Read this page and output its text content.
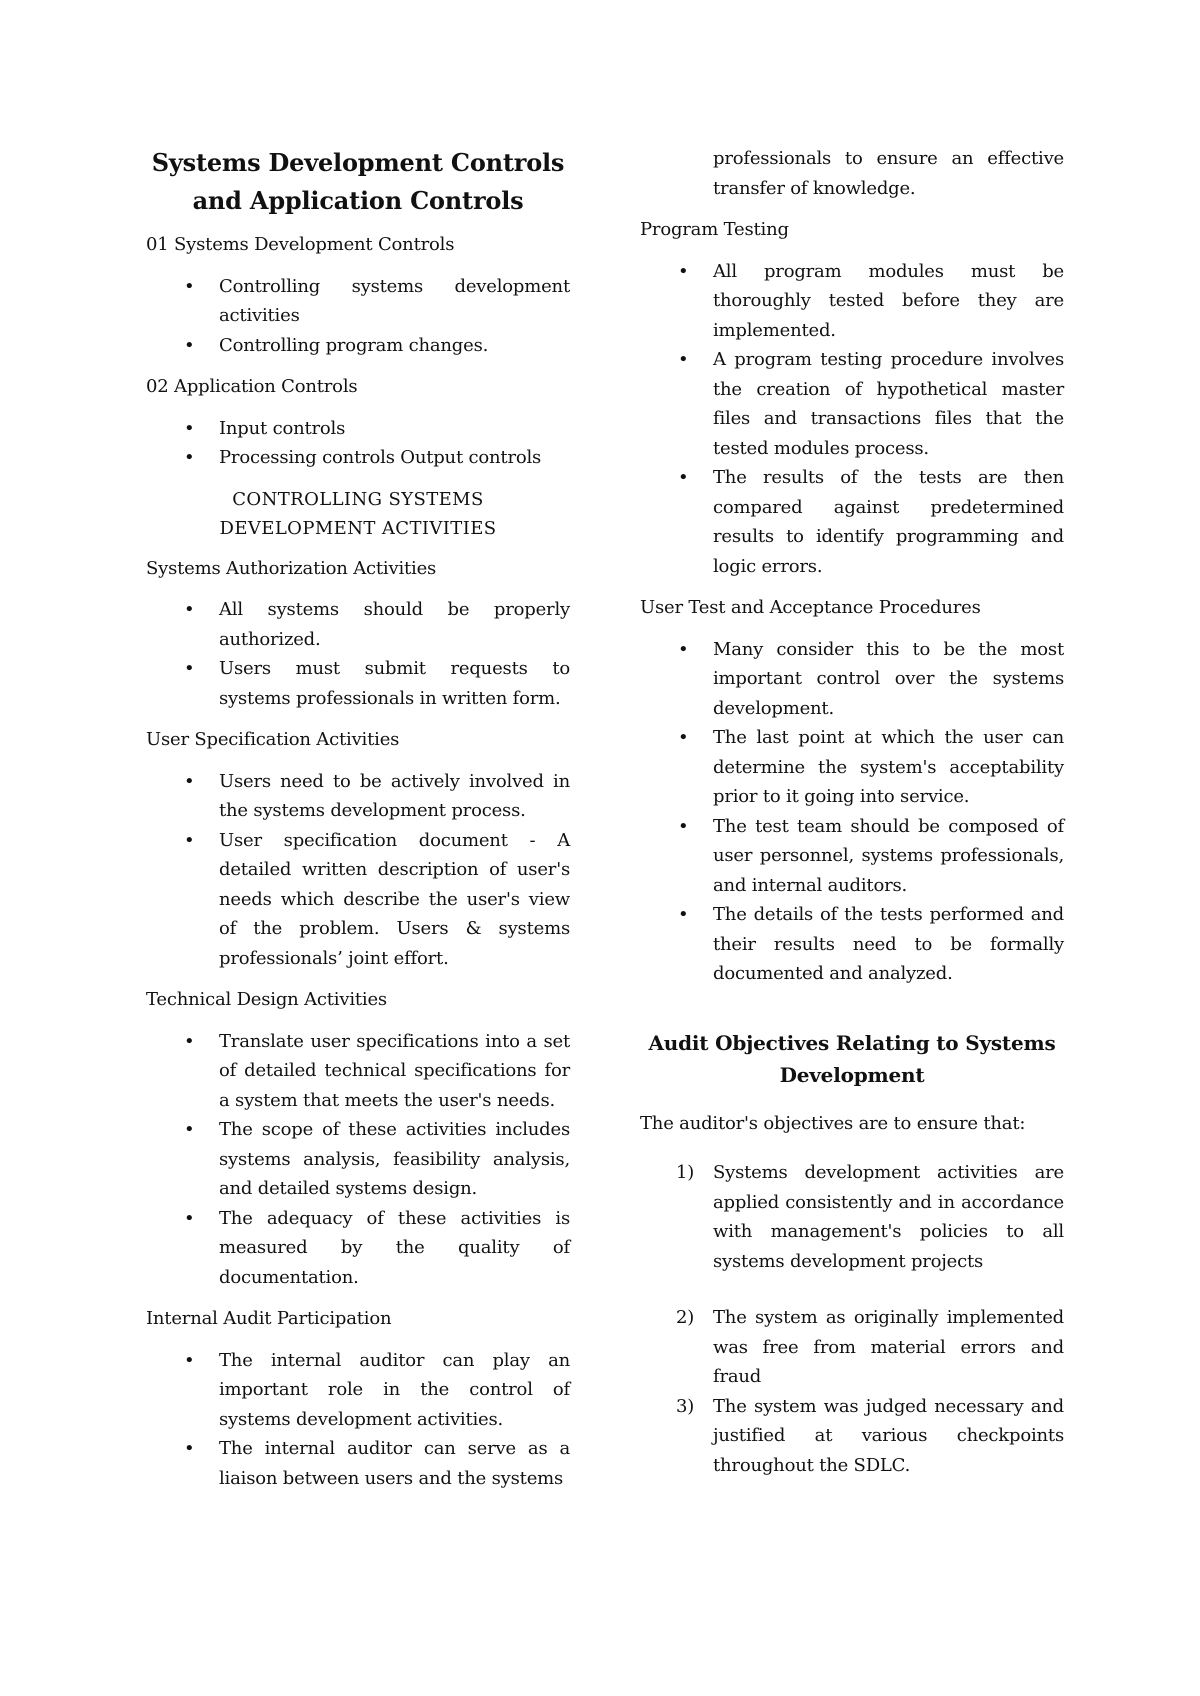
Systems Development Controls
and Application Controls
01 Systems Development Controls
• Controlling systems development activities
• Controlling program changes.
02 Application Controls
• Input controls
• Processing controls Output controls
CONTROLLING SYSTEMS
DEVELOPMENT ACTIVITIES
Systems Authorization Activities
• All systems should be properly authorized.
• Users must submit requests to systems professionals in written form.
User Specification Activities
• Users need to be actively involved in the systems development process.
• User specification document - A detailed written description of user's needs which describe the user's view of the problem. Users & systems professionals’ joint effort.
Technical Design Activities
• Translate user specifications into a set of detailed technical specifications for a system that meets the user's needs.
• The scope of these activities includes systems analysis, feasibility analysis, and detailed systems design.
• The adequacy of these activities is measured by the quality of documentation.
Internal Audit Participation
• The internal auditor can play an important role in the control of systems development activities.
• The internal auditor can serve as a liaison between users and the systems
professionals to ensure an effective transfer of knowledge.
Program Testing
• All program modules must be thoroughly tested before they are implemented.
• A program testing procedure involves the creation of hypothetical master files and transactions files that the tested modules process.
• The results of the tests are then compared against predetermined results to identify programming and logic errors.
User Test and Acceptance Procedures
• Many consider this to be the most important control over the systems development.
• The last point at which the user can determine the system's acceptability prior to it going into service.
• The test team should be composed of user personnel, systems professionals, and internal auditors.
• The details of the tests performed and their results need to be formally documented and analyzed.
Audit Objectives Relating to Systems
Development
The auditor's objectives are to ensure that:
1) Systems development activities are applied consistently and in accordance with management's policies to all systems development projects
2) The system as originally implemented was free from material errors and fraud
3) The system was judged necessary and justified at various checkpoints throughout the SDLC.
